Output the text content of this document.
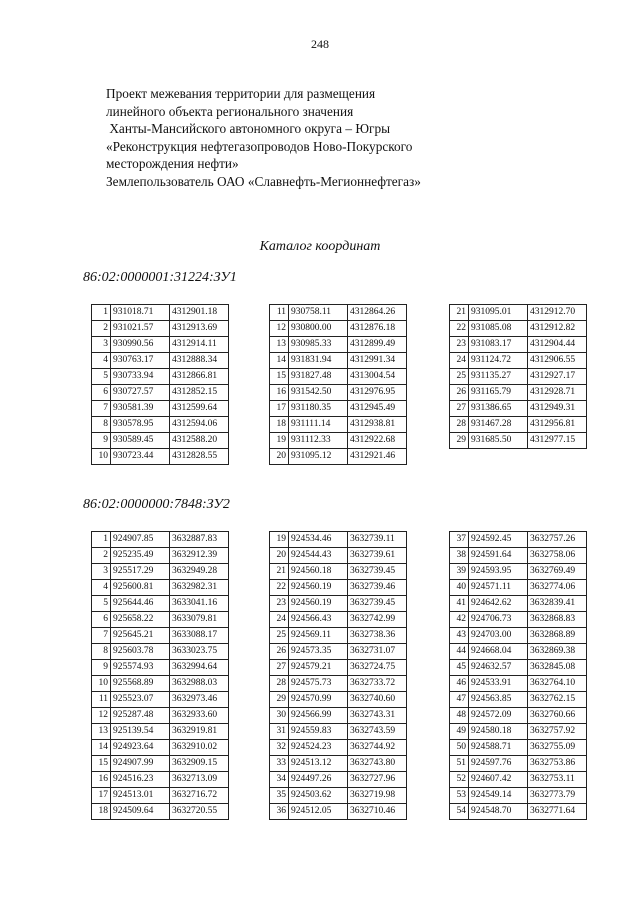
248
Проект межевания территории для размещения
линейного объекта регионального значения
Ханты-Мансийского автономного округа – Югры
«Реконструкция нефтегазопроводов Ново-Покурского
месторождения нефти»
Землепользователь ОАО «Славнефть-Мегионнефтегаз»
Каталог координат
86:02:0000001:31224:ЗУ1
86:02:0000000:7848:ЗУ2
1	931018.71	4312901.18
2	931021.57	4312913.69
3	930990.56	4312914.11
4	930763.17	4312888.34
5	930733.94	4312866.81
6	930727.57	4312852.15
7	930581.39	4312599.64
8	930578.95	4312594.06
9	930589.45	4312588.20
10	930723.44	4312828.55
11	930758.11	4312864.26
12	930800.00	4312876.18
13	930985.33	4312899.49
14	931831.94	4312991.34
15	931827.48	4313004.54
16	931542.50	4312976.95
17	931180.35	4312945.49
18	931111.14	4312938.81
19	931112.33	4312922.68
20	931095.12	4312921.46
21	931095.01	4312912.70
22	931085.08	4312912.82
23	931083.17	4312904.44
24	931124.72	4312906.55
25	931135.27	4312927.17
26	931165.79	4312928.71
27	931386.65	4312949.31
28	931467.28	4312956.81
29	931685.50	4312977.15
1	924907.85	3632887.83
2	925235.49	3632912.39
3	925517.29	3632949.28
4	925600.81	3632982.31
5	925644.46	3633041.16
6	925658.22	3633079.81
7	925645.21	3633088.17
8	925603.78	3633023.75
9	925574.93	3632994.64
10	925568.89	3632988.03
11	925523.07	3632973.46
12	925287.48	3632933.60
13	925139.54	3632919.81
14	924923.64	3632910.02
15	924907.99	3632909.15
16	924516.23	3632713.09
17	924513.01	3632716.72
18	924509.64	3632720.55
19	924534.46	3632739.11
20	924544.43	3632739.61
21	924560.18	3632739.45
22	924560.19	3632739.46
23	924560.19	3632739.45
24	924566.43	3632742.99
25	924569.11	3632738.36
26	924573.35	3632731.07
27	924579.21	3632724.75
28	924575.73	3632733.72
29	924570.99	3632740.60
30	924566.99	3632743.31
31	924559.83	3632743.59
32	924524.23	3632744.92
33	924513.12	3632743.80
34	924497.26	3632727.96
35	924503.62	3632719.98
36	924512.05	3632710.46
37	924592.45	3632757.26
38	924591.64	3632758.06
39	924593.95	3632769.49
40	924571.11	3632774.06
41	924642.62	3632839.41
42	924706.73	3632868.83
43	924703.00	3632868.89
44	924668.04	3632869.38
45	924632.57	3632845.08
46	924533.91	3632764.10
47	924563.85	3632762.15
48	924572.09	3632760.66
49	924580.18	3632757.92
50	924588.71	3632755.09
51	924597.76	3632753.86
52	924607.42	3632753.11
53	924549.14	3632773.79
54	924548.70	3632771.64
